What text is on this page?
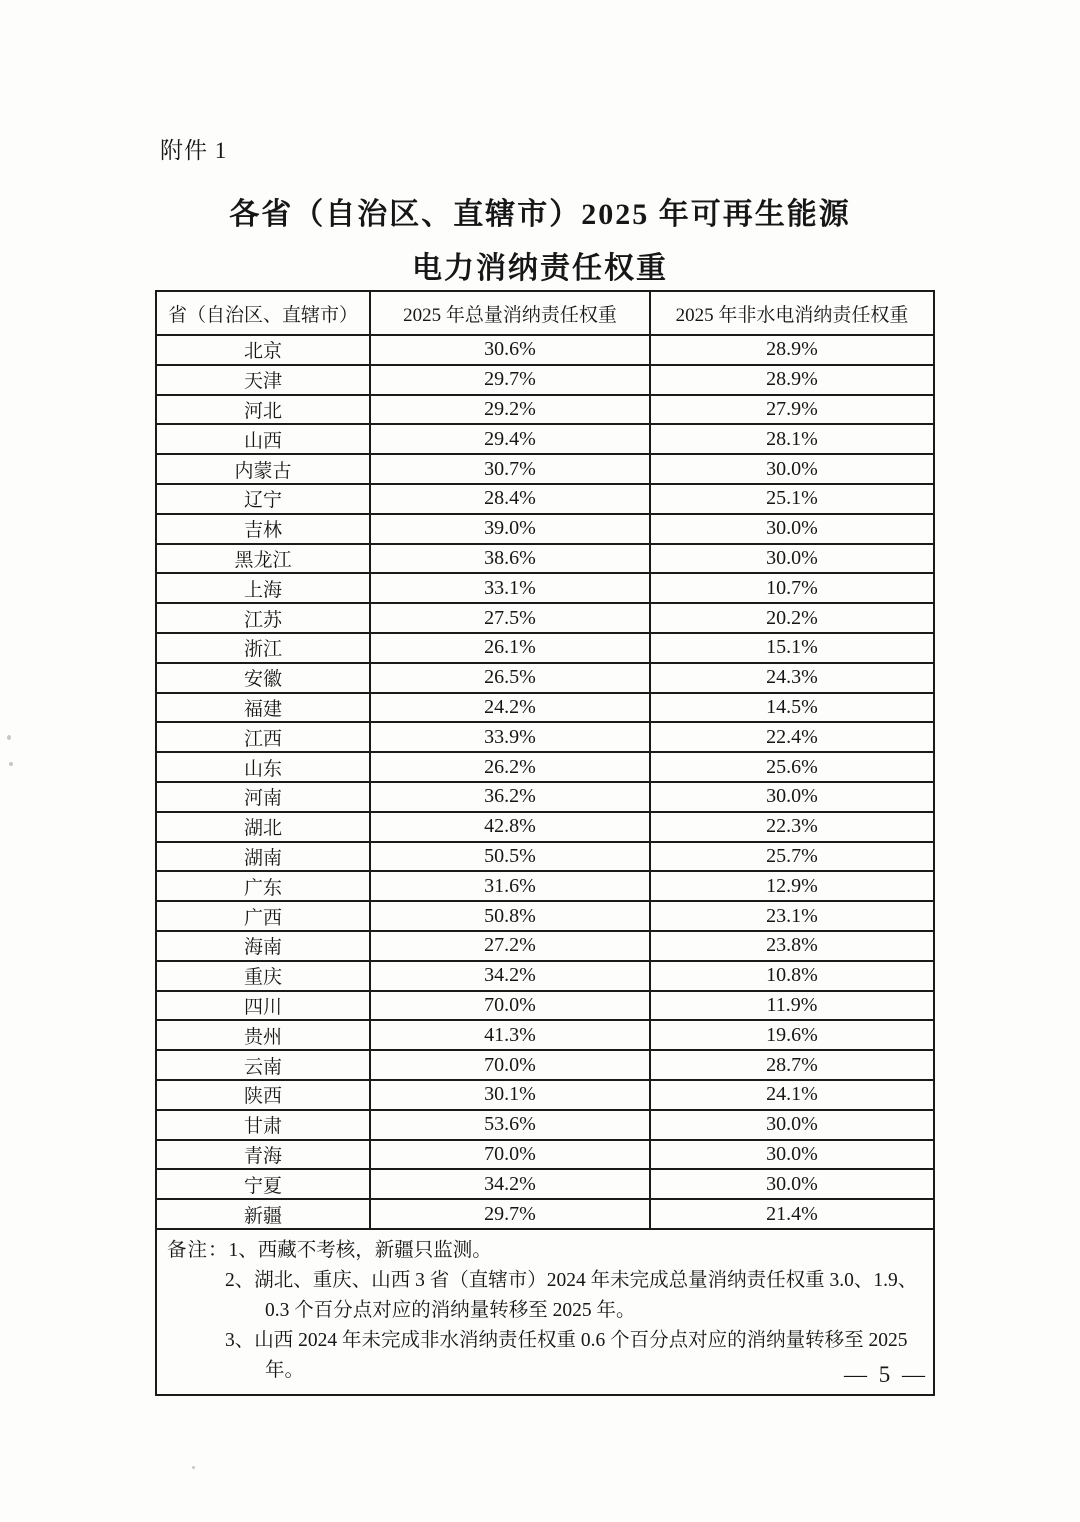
附件 1
各省（自治区、直辖市）2025 年可再生能源
电力消纳责任权重
省（自治区、直辖市）	2025 年总量消纳责任权重	2025 年非水电消纳责任权重
北京	30.6%	28.9%
天津	29.7%	28.9%
河北	29.2%	27.9%
山西	29.4%	28.1%
内蒙古	30.7%	30.0%
辽宁	28.4%	25.1%
吉林	39.0%	30.0%
黑龙江	38.6%	30.0%
上海	33.1%	10.7%
江苏	27.5%	20.2%
浙江	26.1%	15.1%
安徽	26.5%	24.3%
福建	24.2%	14.5%
江西	33.9%	22.4%
山东	26.2%	25.6%
河南	36.2%	30.0%
湖北	42.8%	22.3%
湖南	50.5%	25.7%
广东	31.6%	12.9%
广西	50.8%	23.1%
海南	27.2%	23.8%
重庆	34.2%	10.8%
四川	70.0%	11.9%
贵州	41.3%	19.6%
云南	70.0%	28.7%
陕西	30.1%	24.1%
甘肃	53.6%	30.0%
青海	70.0%	30.0%
宁夏	34.2%	30.0%
新疆	29.7%	21.4%
备注：1、西藏不考核，新疆只监测。

2、湖北、重庆、山西 3 省（直辖市）2024 年未完成总量消纳责任权重 3.0、1.9、0.3 个百分点对应的消纳量转移至 2025 年。

3、山西 2024 年未完成非水消纳责任权重 0.6 个百分点对应的消纳量转移至 2025 年。	— 5 —
